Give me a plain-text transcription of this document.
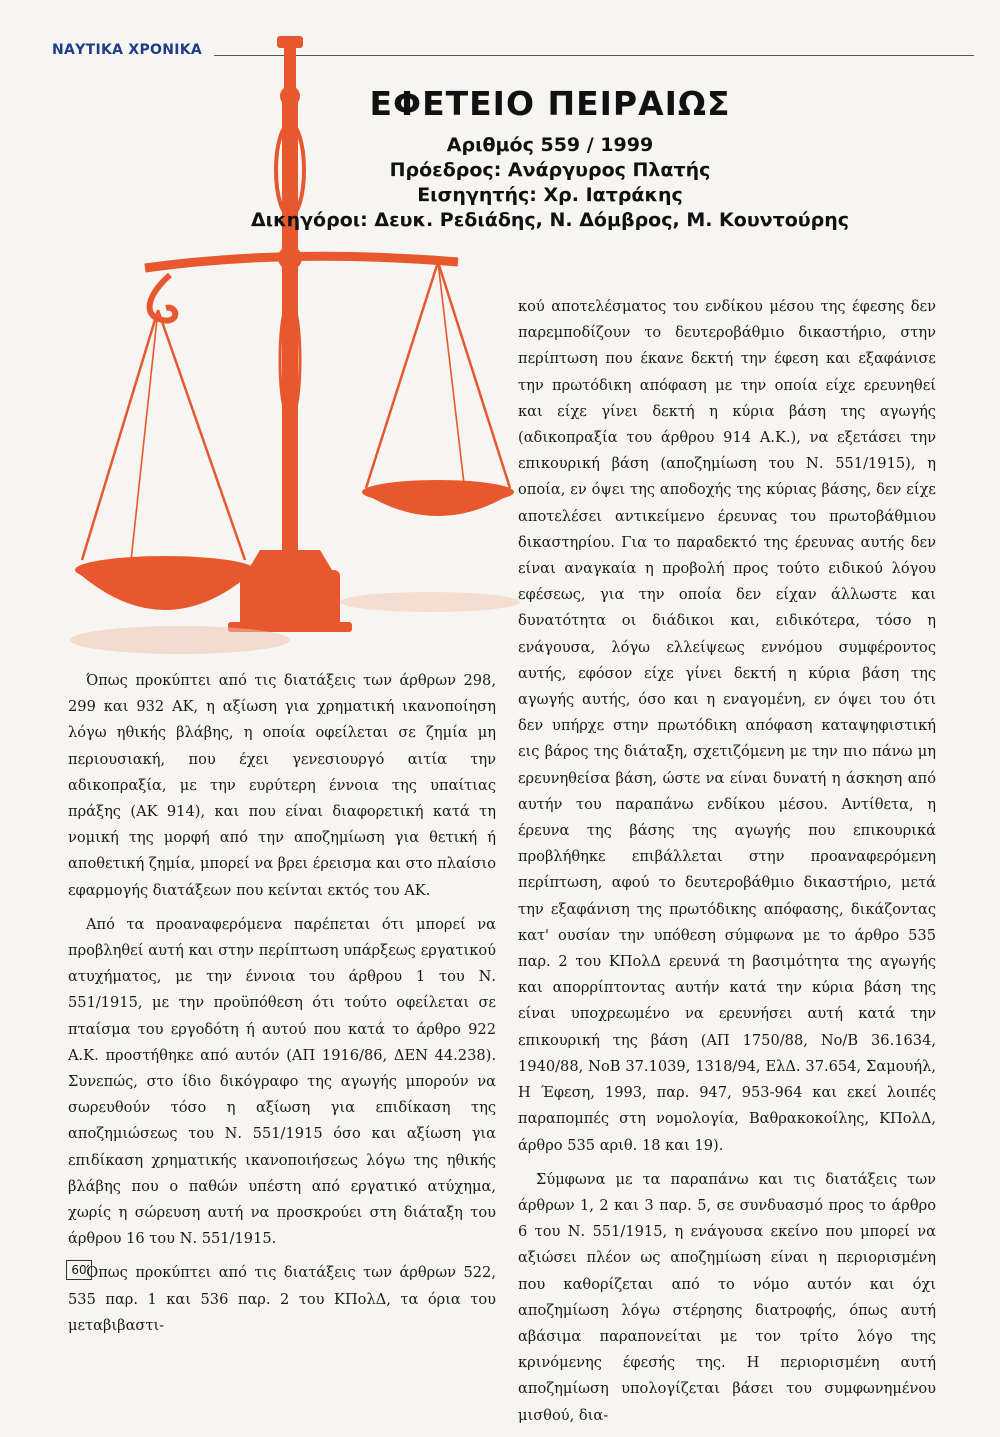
ΝΑΥΤΙΚΑ ΧΡΟΝΙΚΑ
ΕΦΕΤΕΙΟ ΠΕΙΡΑΙΩΣ
Αριθμός 559 / 1999
Πρόεδρος: Ανάργυρος Πλατής
Εισηγητής: Χρ. Ιατράκης
Δικηγόροι: Δευκ. Ρεδιάδης, Ν. Δόμβρος, Μ. Κουντούρης

Όπως προκύπτει από τις διατάξεις των άρθρων 298, 299 και 932 ΑΚ, η αξίωση για χρηματική ικανοποίηση λόγω ηθικής βλάβης, η οποία οφείλεται σε ζημία μη περιουσιακή, που έχει γενεσιουργό αιτία την αδικοπραξία, με την ευρύτερη έννοια της υπαίτιας πράξης (ΑΚ 914), και που είναι διαφορετική κατά τη νομική της μορφή από την αποζημίωση για θετική ή αποθετική ζημία, μπορεί να βρει έρεισμα και στο πλαίσιο εφαρμογής διατάξεων που κείνται εκτός του ΑΚ.

Από τα προαναφερόμενα παρέπεται ότι μπορεί να προβληθεί αυτή και στην περίπτωση υπάρξεως εργατικού ατυχήματος, με την έννοια του άρθρου 1 του Ν. 551/1915, με την προϋπόθεση ότι τούτο οφείλεται σε πταίσμα του εργοδότη ή αυτού που κατά το άρθρο 922 Α.Κ. προστήθηκε από αυτόν (ΑΠ 1916/86, ΔΕΝ 44.238). Συνεπώς, στο ίδιο δικόγραφο της αγωγής μπορούν να σωρευθούν τόσο η αξίωση για επιδίκαση της αποζημιώσεως του Ν. 551/1915 όσο και αξίωση για επιδίκαση χρηματικής ικανοποιήσεως λόγω της ηθικής βλάβης που ο παθών υπέστη από εργατικό ατύχημα, χωρίς η σώρευση αυτή να προσκρούει στη διάταξη του άρθρου 16 του Ν. 551/1915.

Όπως προκύπτει από τις διατάξεις των άρθρων 522, 535 παρ. 1 και 536 παρ. 2 του ΚΠολΔ, τα όρια του μεταβιβαστι-

κού αποτελέσματος του ενδίκου μέσου της έφεσης δεν παρεμποδίζουν το δευτεροβάθμιο δικαστήριο, στην περίπτωση που έκανε δεκτή την έφεση και εξαφάνισε την πρωτόδικη απόφαση με την οποία είχε ερευνηθεί και είχε γίνει δεκτή η κύρια βάση της αγωγής (αδικοπραξία του άρθρου 914 Α.Κ.), να εξετάσει την επικουρική βάση (αποζημίωση του Ν. 551/1915), η οποία, εν όψει της αποδοχής της κύριας βάσης, δεν είχε αποτελέσει αντικείμενο έρευνας του πρωτοβάθμιου δικαστηρίου. Για το παραδεκτό της έρευνας αυτής δεν είναι αναγκαία η προβολή προς τούτο ειδικού λόγου εφέσεως, για την οποία δεν είχαν άλλωστε και δυνατότητα οι διάδικοι και, ειδικότερα, τόσο η ενάγουσα, λόγω ελλείψεως εννόμου συμφέροντος αυτής, εφόσον είχε γίνει δεκτή η κύρια βάση της αγωγής αυτής, όσο και η εναγομένη, εν όψει του ότι δεν υπήρχε στην πρωτόδικη απόφαση καταψηφιστική εις βάρος της διάταξη, σχετιζόμενη με την πιο πάνω μη ερευνηθείσα βάση, ώστε να είναι δυνατή η άσκηση από αυτήν του παραπάνω ενδίκου μέσου. Αντίθετα, η έρευνα της βάσης της αγωγής που επικουρικά προβλήθηκε επιβάλλεται στην προαναφερόμενη περίπτωση, αφού το δευτεροβάθμιο δικαστήριο, μετά την εξαφάνιση της πρωτόδικης απόφασης, δικάζοντας κατ' ουσίαν την υπόθεση σύμφωνα με το άρθρο 535 παρ. 2 του ΚΠολΔ ερευνά τη βασιμότητα της αγωγής και απορρίπτοντας αυτήν κατά την κύρια βάση της είναι υποχρεωμένο να ερευνήσει αυτή κατά την επικουρική της βάση (ΑΠ 1750/88, Νο/Β 36.1634, 1940/88, ΝοΒ 37.1039, 1318/94, ΕλΔ. 37.654, Σαμουήλ, Η Έφεση, 1993, παρ. 947, 953-964 και εκεί λοιπές παραπομπές στη νομολογία, Βαθρακοκοίλης, ΚΠολΔ, άρθρο 535 αριθ. 18 και 19).

Σύμφωνα με τα παραπάνω και τις διατάξεις των άρθρων 1, 2 και 3 παρ. 5, σε συνδυασμό προς το άρθρο 6 του Ν. 551/1915, η ενάγουσα εκείνο που μπορεί να αξιώσει πλέον ως αποζημίωση είναι η περιορισμένη που καθορίζεται από το νόμο αυτόν και όχι αποζημίωση λόγω στέρησης διατροφής, όπως αυτή αβάσιμα παραπονείται με τον τρίτο λόγο της κρινόμενης έφεσής της. Η περιορισμένη αυτή αποζημίωση υπολογίζεται βάσει του συμφωνημένου μισθού, δια-

60
